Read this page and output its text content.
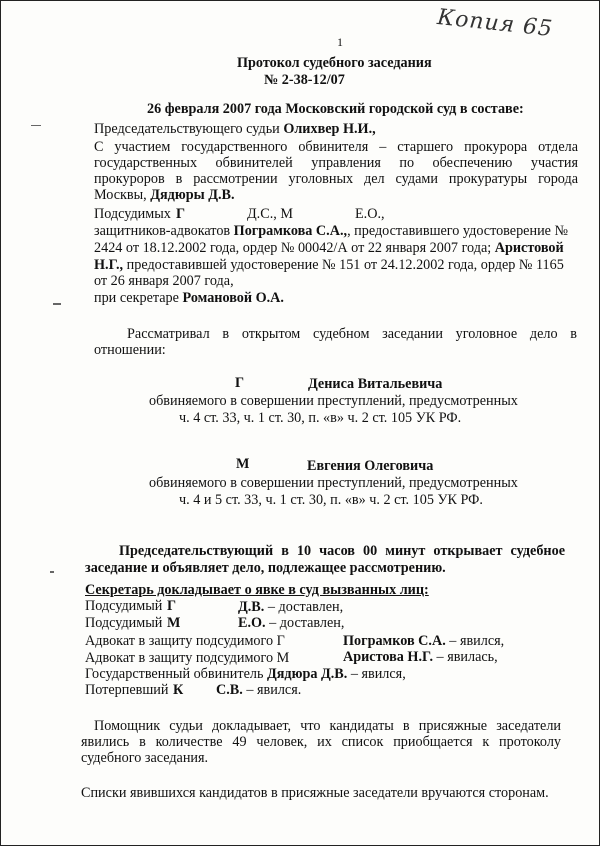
Копия 65
1
Протокол судебного заседания
№ 2-38-12/07
26 февраля 2007 года Московский городской суд в составе:
Председательствующего судьи Олихвер Н.И.,
С участием государственного обвинителя – старшего прокурора отдела
государственных обвинителей управления по обеспечению участия
прокуроров в рассмотрении уголовных дел судами прокуратуры города
Москвы, Дядюры Д.В.
Подсудимых Г	Д.С., М	Е.О.,
защитников-адвокатов Пограмкова С.А.,, предоставившего удостоверение №
2424 от 18.12.2002 года, ордер № 00042/А от 22 января 2007 года; Аристовой
Н.Г., предоставившей удостоверение № 151 от 24.12.2002 года, ордер № 1165
от 26 января 2007 года,
при секретаре Романовой О.А.
Рассматривал в открытом судебном заседании уголовное дело в
отношении:
Г	Дениса Витальевича
обвиняемого в совершении преступлений, предусмотренных
ч. 4 ст. 33, ч. 1 ст. 30, п. «в» ч. 2 ст. 105 УК РФ.
М	Евгения Олеговича
обвиняемого в совершении преступлений, предусмотренных
ч. 4 и 5 ст. 33, ч. 1 ст. 30, п. «в» ч. 2 ст. 105 УК РФ.
Председательствующий в 10 часов 00 минут открывает судебное
заседание и объявляет дело, подлежащее рассмотрению.
Секретарь докладывает о явке в суд вызванных лиц:
Подсудимый Г	Д.В. – доставлен,
Подсудимый М	Е.О. – доставлен,
Адвокат в защиту подсудимого Г	Пограмков С.А. – явился,
Адвокат в защиту подсудимого М	Аристова Н.Г. – явилась,
Государственный обвинитель Дядюра Д.В. – явился,
Потерпевший К С.В. – явился.
Помощник судьи докладывает, что кандидаты в присяжные заседатели
явились в количестве 49 человек, их список приобщается к протоколу
судебного заседания.
Списки явившихся кандидатов в присяжные заседатели вручаются сторонам.
